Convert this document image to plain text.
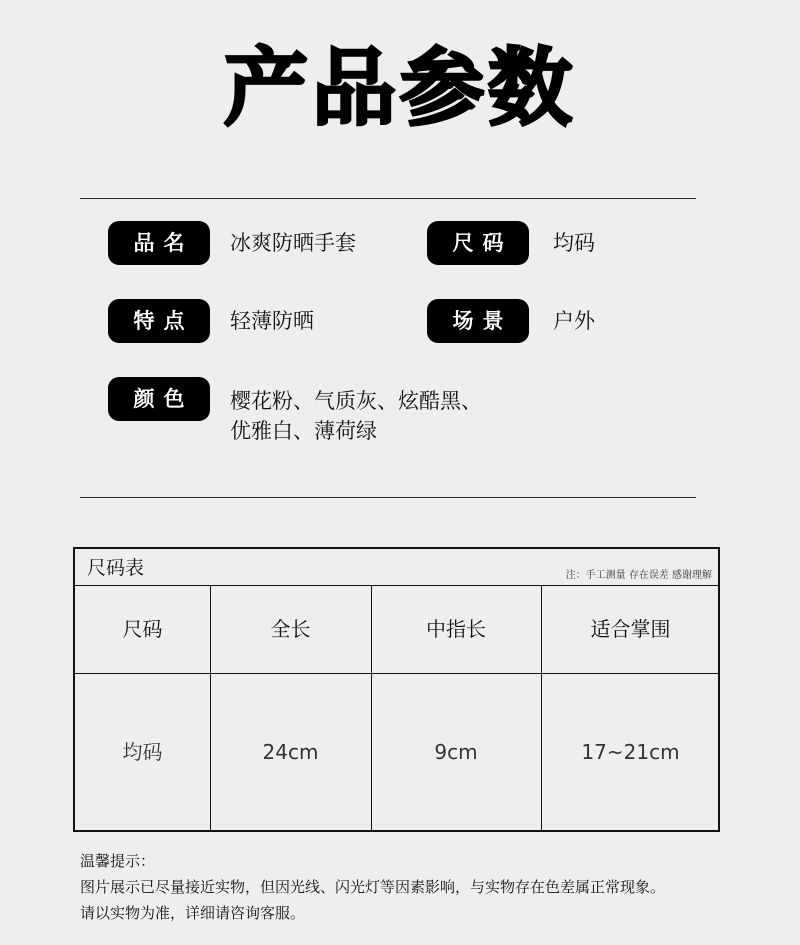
产品参数
品名	冰爽防晒手套	尺码	均码
特点	轻薄防晒	场景	户外
颜色	樱花粉、气质灰、炫酷黑、
优雅白、薄荷绿
尺码表	注：手工测量 存在误差 感谢理解
尺码	全长	中指长	适合掌围
均码	24cm	9cm	17~21cm
温馨提示：
图片展示已尽量接近实物，但因光线、闪光灯等因素影响，与实物存在色差属正常现象。
请以实物为准，详细请咨询客服。
